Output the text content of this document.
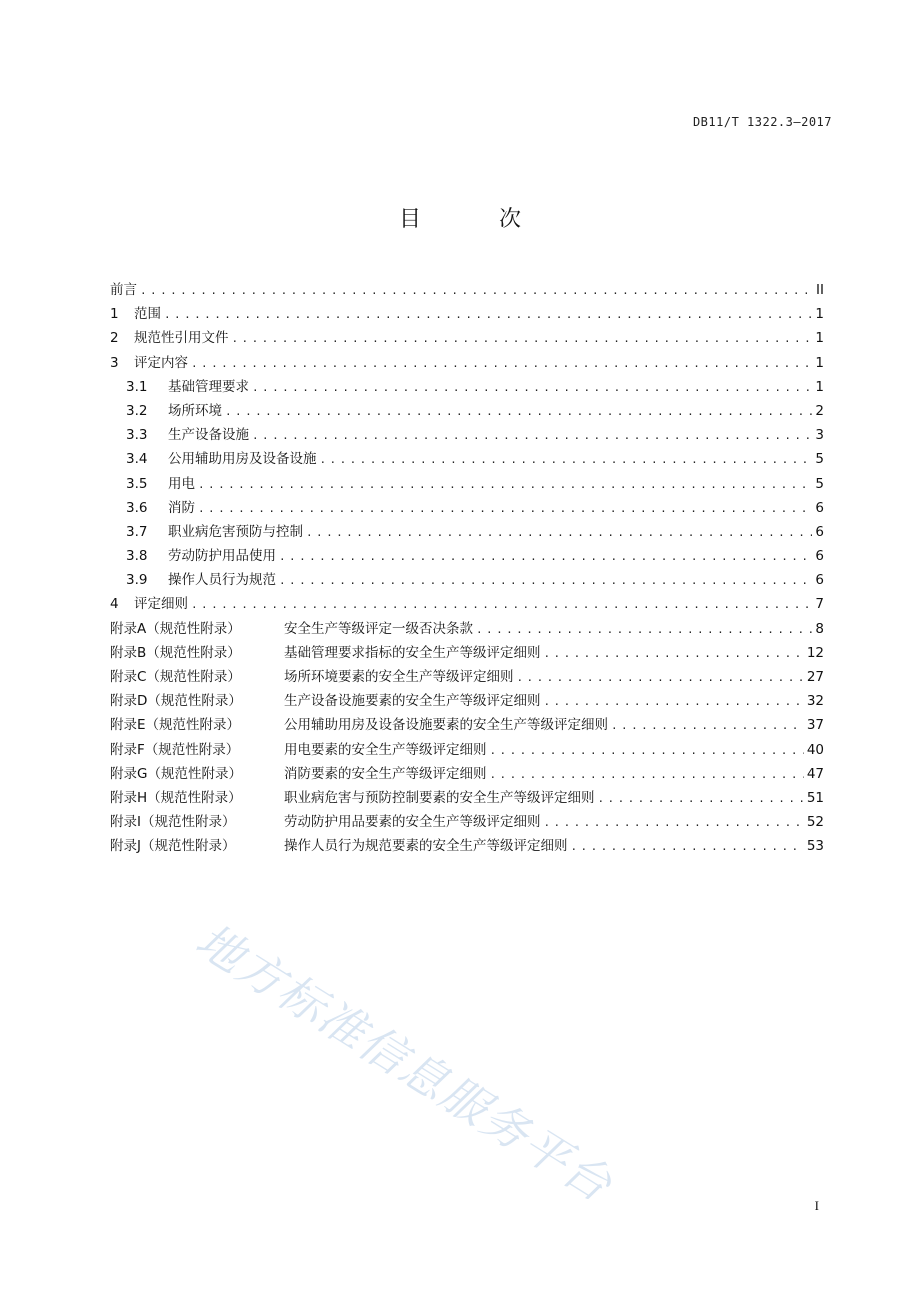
DB11/T 1322.3—2017
目　次
前言 . . .	II
1	范围 . . .	1
2	规范性引用文件 . . .	1
3	评定内容 . . .	1
3.1	基础管理要求 . . .	1
3.2	场所环境 . . .	2
3.3	生产设备设施 . . .	3
3.4	公用辅助用房及设备设施 . . .	5
3.5	用电 . . .	5
3.6	消防 . . .	6
3.7	职业病危害预防与控制 . . .	6
3.8	劳动防护用品使用 . . .	6
3.9	操作人员行为规范 . . .	6
4	评定细则 . . .	7
附录A（规范性附录）	安全生产等级评定一级否决条款 . . .	8
附录B（规范性附录）	基础管理要求指标的安全生产等级评定细则 . . .	12
附录C（规范性附录）	场所环境要素的安全生产等级评定细则 . . .	27
附录D（规范性附录）	生产设备设施要素的安全生产等级评定细则 . . .	32
附录E（规范性附录）	公用辅助用房及设备设施要素的安全生产等级评定细则 . . .	37
附录F（规范性附录）	用电要素的安全生产等级评定细则 . . .	40
附录G（规范性附录）	消防要素的安全生产等级评定细则 . . .	47
附录H（规范性附录）	职业病危害与预防控制要素的安全生产等级评定细则 . . .	51
附录Ⅰ（规范性附录）	劳动防护用品要素的安全生产等级评定细则 . . .	52
附录J（规范性附录）	操作人员行为规范要素的安全生产等级评定细则 . . .	53
地方标准信息服务平台	I
